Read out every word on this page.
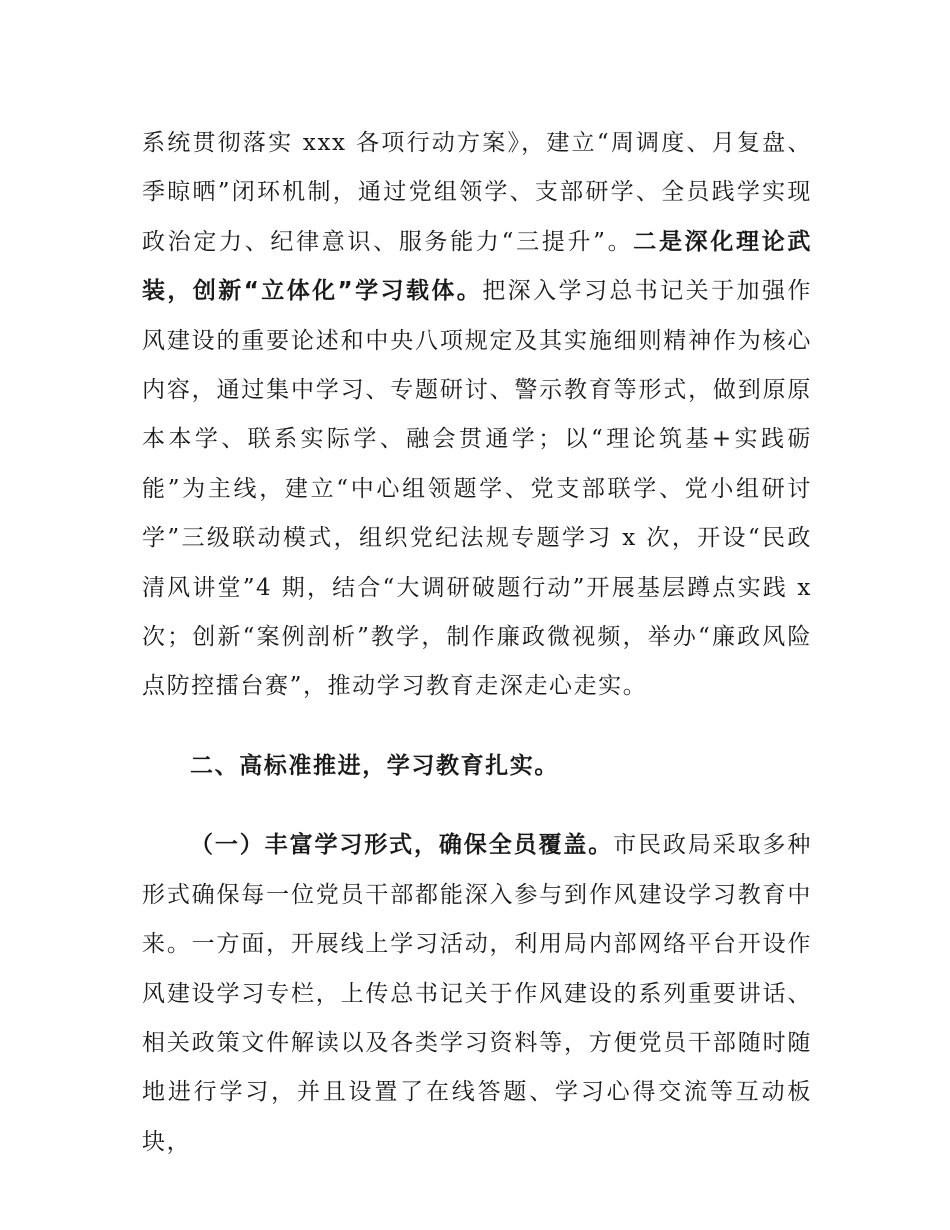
系统贯彻落实 xxx 各项行动方案》，建立“周调度、月复盘、季晾晒”闭环机制，通过党组领学、支部研学、全员践学实现政治定力、纪律意识、服务能力“三提升”。二是深化理论武装，创新“立体化”学习载体。把深入学习总书记关于加强作风建设的重要论述和中央八项规定及其实施细则精神作为核心内容，通过集中学习、专题研讨、警示教育等形式，做到原原本本学、联系实际学、融会贯通学；以“理论筑基+实践砺能”为主线，建立“中心组领题学、党支部联学、党小组研讨学”三级联动模式，组织党纪法规专题学习 x 次，开设“民政清风讲堂”4 期，结合“大调研破题行动”开展基层蹲点实践 x 次；创新“案例剖析”教学，制作廉政微视频，举办“廉政风险点防控擂台赛”，推动学习教育走深走心走实。

二、高标准推进，学习教育扎实。

（一）丰富学习形式，确保全员覆盖。市民政局采取多种形式确保每一位党员干部都能深入参与到作风建设学习教育中来。一方面，开展线上学习活动，利用局内部网络平台开设作风建设学习专栏，上传总书记关于作风建设的系列重要讲话、相关政策文件解读以及各类学习资料等，方便党员干部随时随地进行学习，并且设置了在线答题、学习心得交流等互动板块，
